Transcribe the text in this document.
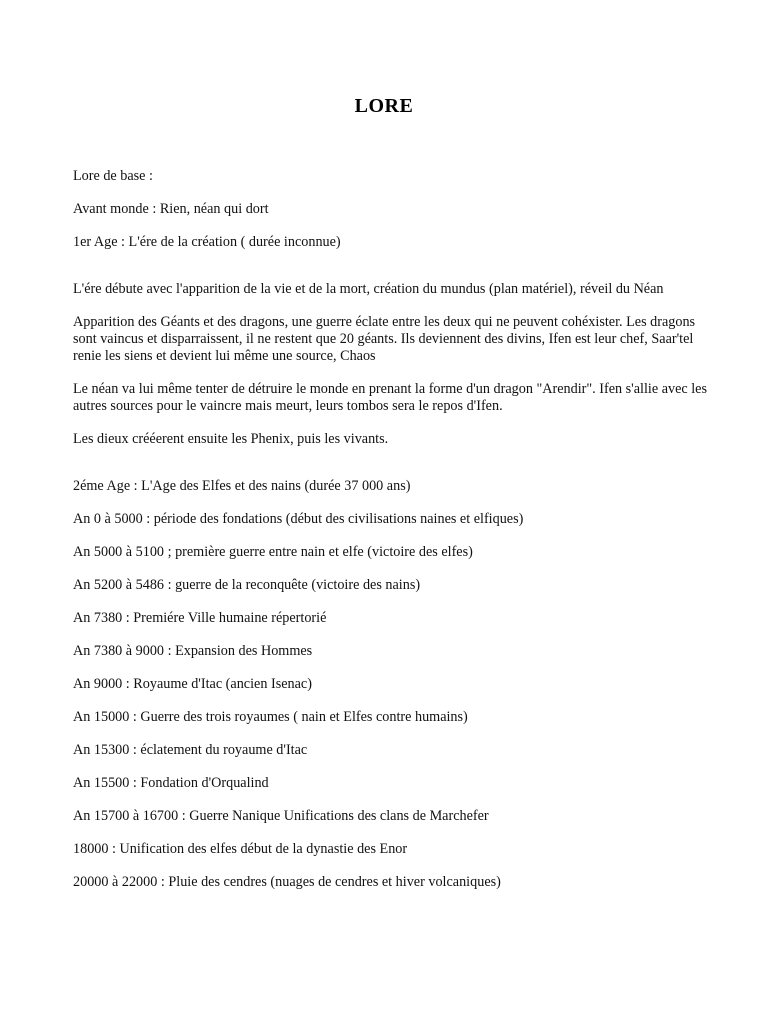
LORE

Lore de base :

Avant monde : Rien, néan qui dort

1er Age : L'ére de la création ( durée inconnue)

L'ére débute avec l'apparition de la vie et de la mort, création du mundus (plan matériel), réveil du Néan

Apparition des Géants et des dragons, une guerre éclate entre les deux qui ne peuvent cohéxister. Les dragons sont vaincus et disparraissent, il ne restent que 20 géants. Ils deviennent des divins, Ifen est leur chef, Saar'tel renie les siens et devient lui même une source, Chaos

Le néan va lui même tenter de détruire le monde en prenant la forme d'un dragon "Arendir". Ifen s'allie avec les autres sources pour le vaincre mais meurt, leurs tombos sera le repos d'Ifen.

Les dieux crééerent ensuite les Phenix, puis les vivants.

2éme Age : L'Age des Elfes et des nains (durée 37 000 ans)

An 0 à 5000 : période des fondations (début des civilisations naines et elfiques)

An 5000 à 5100 ; première guerre entre nain et elfe (victoire des elfes)

An 5200 à 5486 : guerre de la reconquête (victoire des nains)

An 7380 : Premiére Ville humaine répertorié

An 7380 à 9000 : Expansion des Hommes

An 9000 : Royaume d'Itac (ancien Isenac)

An 15000 : Guerre des trois royaumes ( nain et Elfes contre humains)

An 15300 : éclatement du royaume d'Itac

An 15500 : Fondation d'Orqualind

An 15700 à 16700 : Guerre Nanique Unifications des clans de Marchefer

18000 : Unification des elfes début de la dynastie des Enor

20000 à 22000 : Pluie des cendres (nuages de cendres et hiver volcaniques)
